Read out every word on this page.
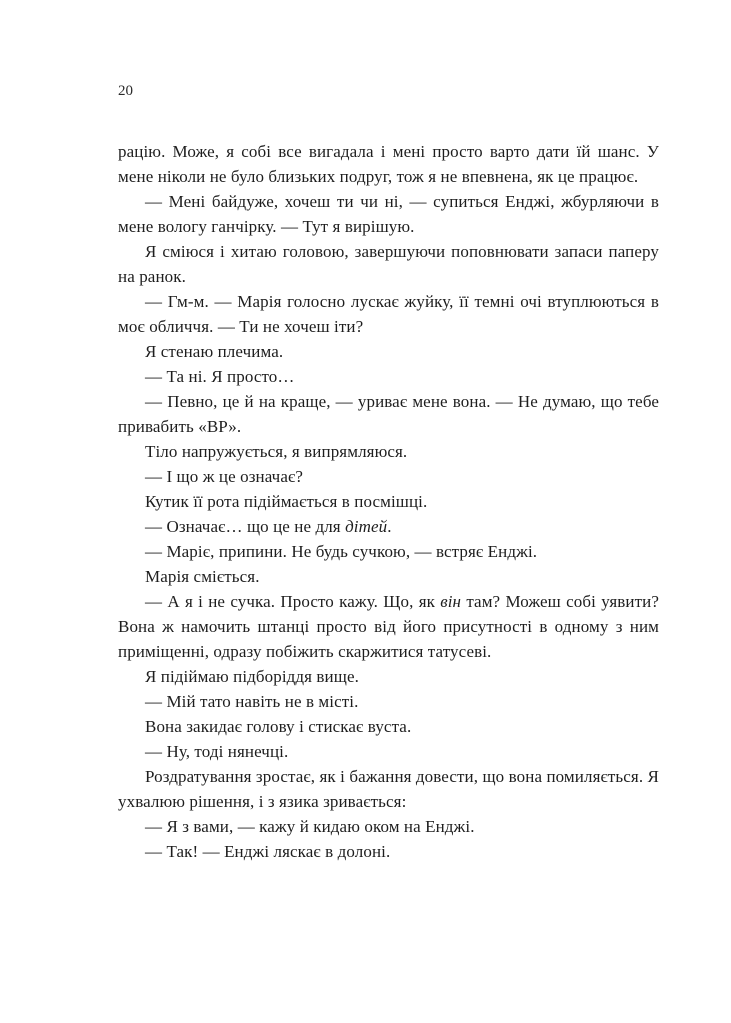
20

рацію. Може, я собі все вигадала і мені просто варто дати їй шанс. У мене ніколи не було близьких подруг, тож я не впевнена, як це працює.

— Мені байдуже, хочеш ти чи ні, — супиться Енджі, жбурляючи в мене вологу ганчірку. — Тут я вирішую.

Я сміюся і хитаю головою, завершуючи поповнювати запаси паперу на ранок.

— Гм-м. — Марія голосно лускає жуйку, її темні очі втуплюються в моє обличчя. — Ти не хочеш іти?

Я стенаю плечима.

— Та ні. Я просто…

— Певно, це й на краще, — уриває мене вона. — Не думаю, що тебе привабить «ВР».

Тіло напружується, я випрямляюся.

— І що ж це означає?

Кутик її рота підіймається в посмішці.

— Означає… що це не для дітей.

— Маріє, припини. Не будь сучкою, — встряє Енджі.

Марія сміється.

— А я і не сучка. Просто кажу. Що, як він там? Можеш собі уявити? Вона ж намочить штанці просто від його присутності в одному з ним приміщенні, одразу побіжить скаржитися татусеві.

Я підіймаю підборіддя вище.

— Мій тато навіть не в місті.

Вона закидає голову і стискає вуста.

— Ну, тоді нянечці.

Роздратування зростає, як і бажання довести, що вона помиляється. Я ухвалюю рішення, і з язика зривається:

— Я з вами, — кажу й кидаю оком на Енджі.

— Так! — Енджі ляскає в долоні.
